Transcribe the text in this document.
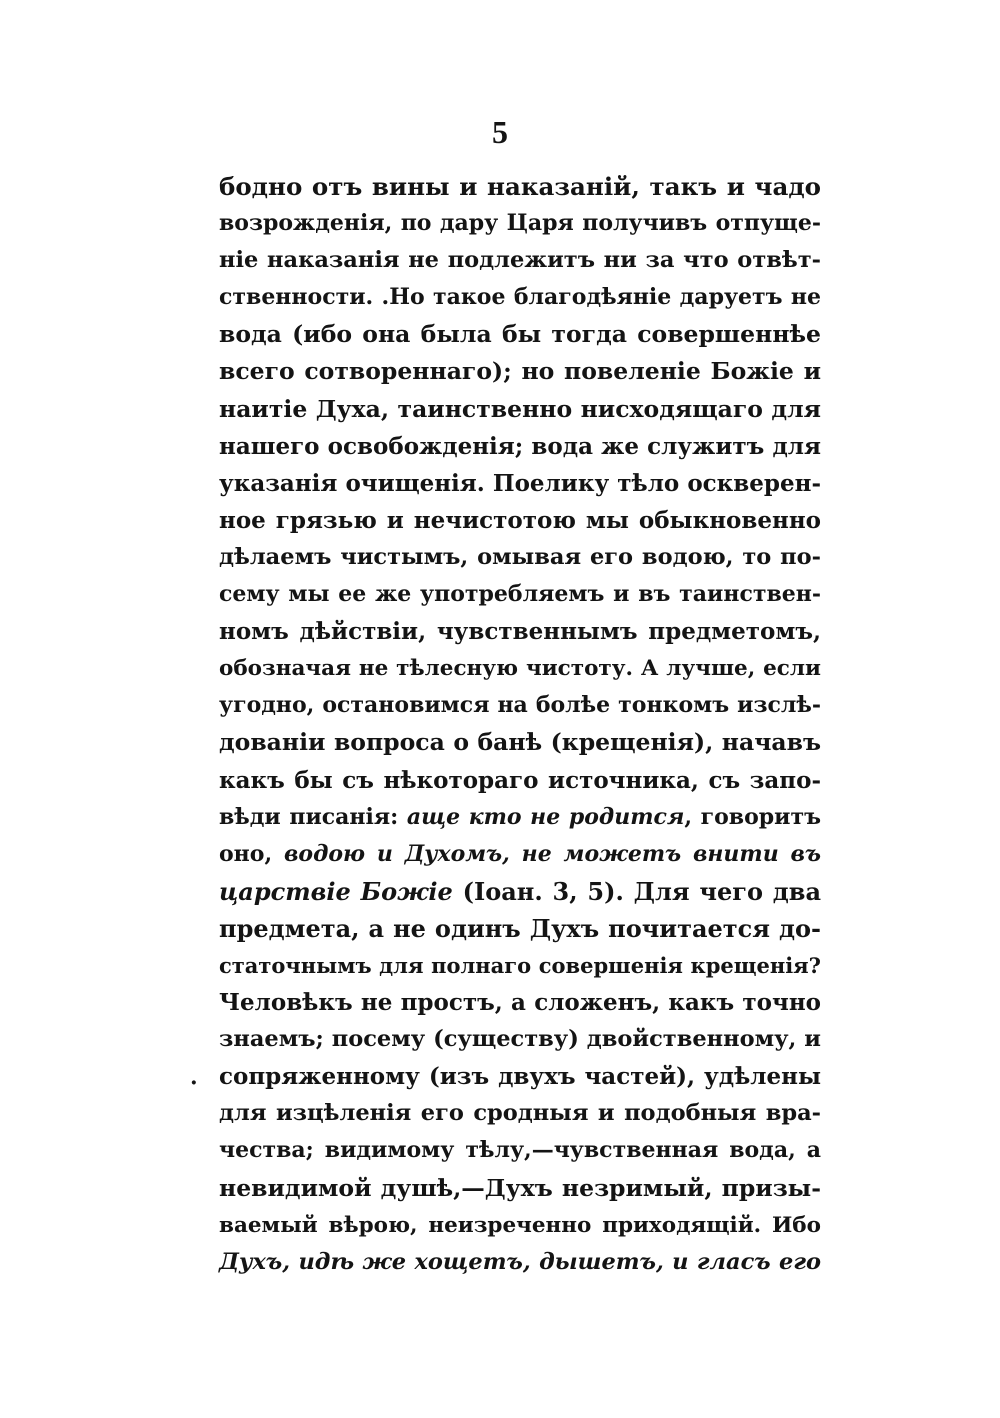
5
·
бодно отъ вины и наказаній, такъ и чадо
возрожденія, по дару Царя получивъ отпуще-
ніе наказанія не подлежитъ ни за что отвѣт-
ственности. .Но такое благодѣяніе даруетъ не
вода (ибо она была бы тогда совершеннѣе
всего сотвореннаго); но повеленіе Божіе и
наитіе Духа, таинственно нисходящаго для
нашего освобожденія; вода же служитъ для
указанія очищенія. Поелику тѣло оскверен-
ное грязью и нечистотою мы обыкновенно
дѣлаемъ чистымъ, омывая его водою, то по-
сему мы ее же употребляемъ и въ таинствен-
номъ дѣйствіи, чувственнымъ предметомъ,
обозначая не тѣлесную чистоту. А лучше, если
угодно, остановимся на болѣе тонкомъ изслѣ-
дованіи вопроса о банѣ (крещенія), начавъ
какъ бы съ нѣкотораго источника, съ запо-
вѣди писанія: аще кто не родится, говоритъ
оно, водою и Духомъ, не можетъ внити въ
царствіе Божіе (Іоан. 3, 5). Для чего два
предмета, а не одинъ Духъ почитается до-
статочнымъ для полнаго совершенія крещенія?
Человѣкъ не простъ, а сложенъ, какъ точно
знаемъ; посему (существу) двойственному, и
сопряженному (изъ двухъ частей), удѣлены
для изцѣленія его сродныя и подобныя вра-
чества; видимому тѣлу,—чувственная вода, а
невидимой душѣ,—Духъ незримый, призы-
ваемый вѣрою, неизреченно приходящій. Ибо
Духъ, идѣ же хощетъ, дышетъ, и гласъ его
